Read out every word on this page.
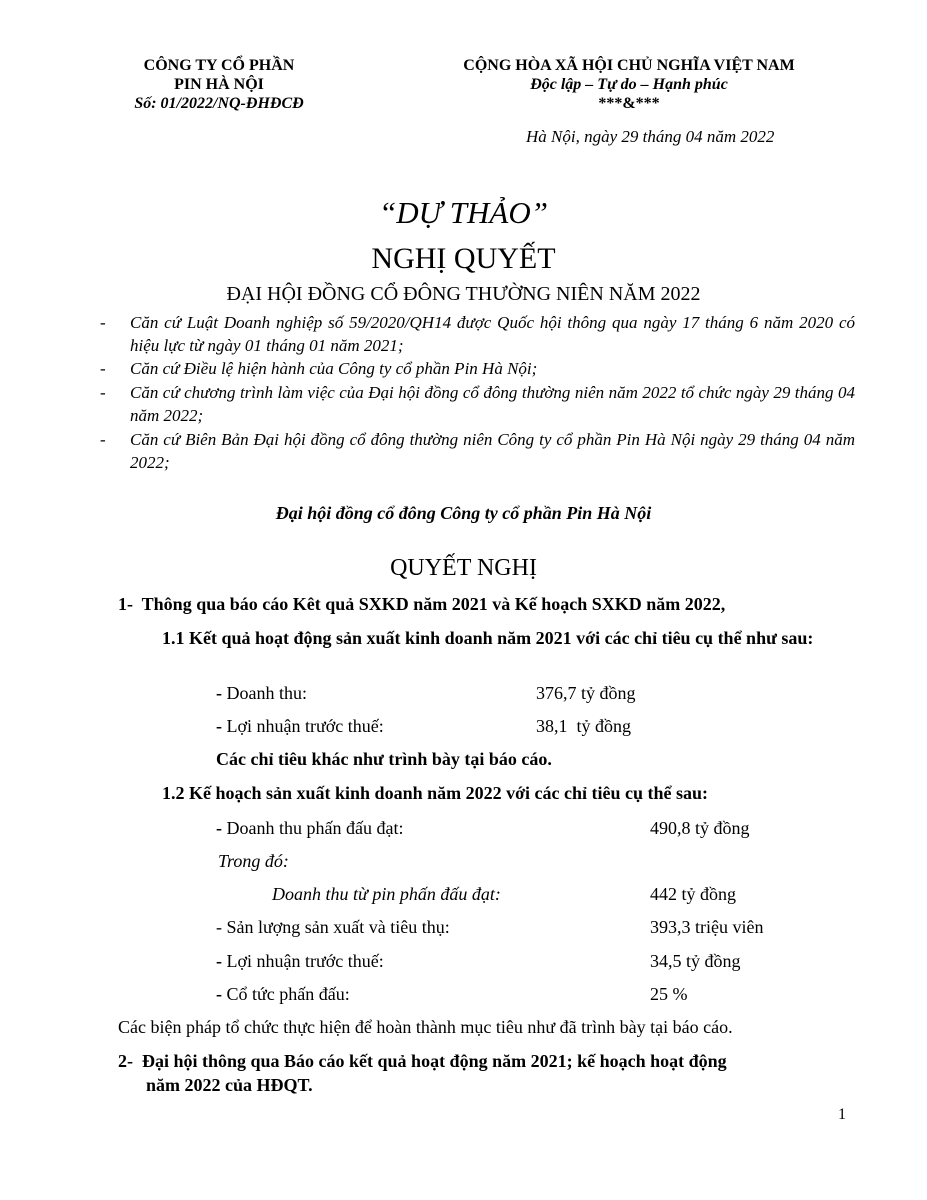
CÔNG TY CỔ PHẦN
PIN HÀ NỘI
Số: 01/2022/NQ-ĐHĐCĐ
CỘNG HÒA XÃ HỘI CHỦ NGHĨA VIỆT NAM
Độc lập – Tự do – Hạnh phúc
***&***
Hà Nội, ngày 29 tháng 04 năm 2022
“DỰ THẢO”
NGHỊ QUYẾT
ĐẠI HỘI ĐỒNG CỔ ĐÔNG THƯỜNG NIÊN NĂM 2022
- Căn cứ Luật Doanh nghiệp số 59/2020/QH14 được Quốc hội thông qua ngày 17 tháng 6 năm 2020 có hiệu lực từ ngày 01 tháng 01 năm 2021;
- Căn cứ Điều lệ hiện hành của Công ty cổ phần Pin Hà Nội;
- Căn cứ chương trình làm việc của Đại hội đồng cổ đông thường niên năm 2022 tổ chức ngày 29 tháng 04 năm 2022;
- Căn cứ Biên Bản Đại hội đồng cổ đông thường niên Công ty cổ phần Pin Hà Nội ngày 29 tháng 04 năm 2022;
Đại hội đồng cổ đông Công ty cổ phần Pin Hà Nội
QUYẾT NGHỊ
1-  Thông qua báo cáo Kêt quả SXKD năm 2021 và Kế hoạch SXKD năm 2022,
1.1 Kết quả hoạt động sản xuất kinh doanh năm 2021 với các chỉ tiêu cụ thể như sau:
- Doanh thu:	376,7 tỷ đồng
- Lợi nhuận trước thuế:	38,1  tỷ đồng
Các chỉ tiêu khác như trình bày tại báo cáo.
1.2 Kế hoạch sản xuất kinh doanh năm 2022 với các chỉ tiêu cụ thể sau:
- Doanh thu phấn đấu đạt:	490,8 tỷ đồng
Trong đó:
Doanh thu từ pin phấn đấu đạt:	442 tỷ đồng
- Sản lượng sản xuất và tiêu thụ:	393,3 triệu viên
- Lợi nhuận trước thuế:	34,5 tỷ đồng
- Cổ tức phấn đấu:	25 %
Các biện pháp tổ chức thực hiện để hoàn thành mục tiêu như đã trình bày tại báo cáo.
2-  Đại hội thông qua Báo cáo kết quả hoạt động năm 2021; kế hoạch hoạt động
năm 2022 của HĐQT.
1
